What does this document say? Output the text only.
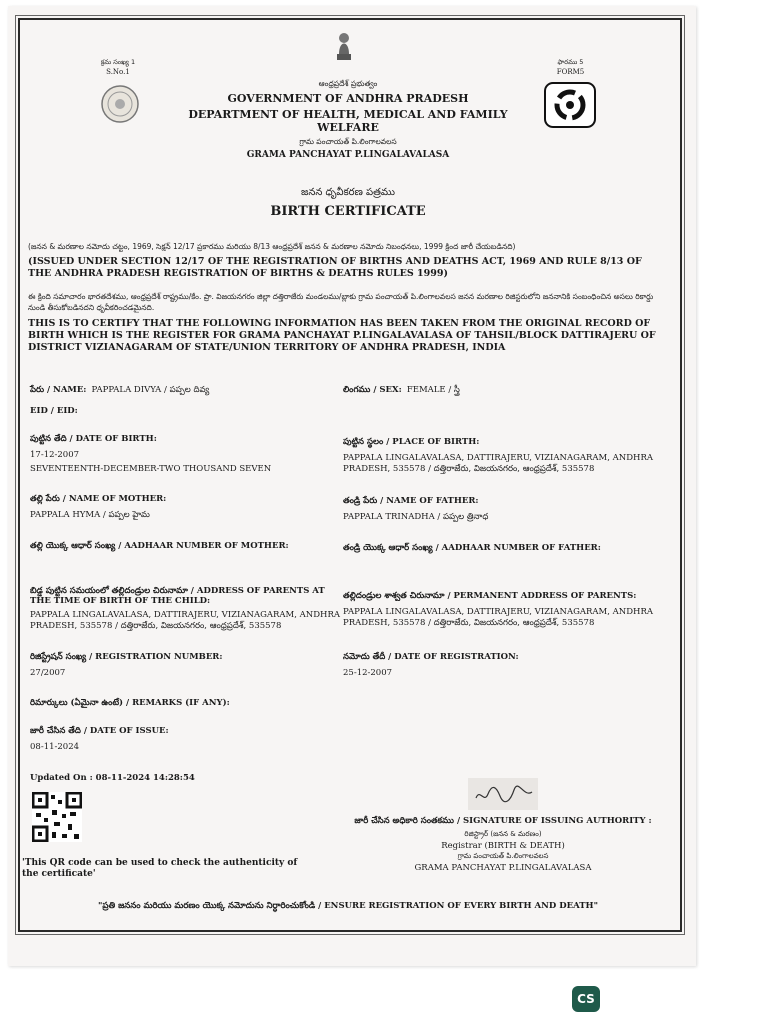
క్రమ సంఖ్య 1
S.No.1
ఫారము 5
FORM5
ఆంధ్రప్రదేశ్ ప్రభుత్వం
GOVERNMENT OF ANDHRA PRADESH
DEPARTMENT OF HEALTH, MEDICAL AND FAMILY WELFARE
గ్రామ పంచాయత్ పి.లింగాలవలస
GRAMA PANCHAYAT P.LINGALAVALASA
జనన ధృవీకరణ పత్రము
BIRTH CERTIFICATE
(జనన & మరణాల నమోదు చట్టం, 1969, సెక్షన్ 12/17 ప్రకారము మరియు 8/13 ఆంధ్రప్రదేశ్ జనన & మరణాల నమోదు నిబంధనలు, 1999 క్రింద జారీ చేయబడినది)
(ISSUED UNDER SECTION 12/17 OF THE REGISTRATION OF BIRTHS AND DEATHS ACT, 1969 AND RULE 8/13 OF THE ANDHRA PRADESH REGISTRATION OF BIRTHS & DEATHS RULES 1999)
ఈ క్రింది సమాచారం భారతదేశము, ఆంధ్రప్రదేశ్ రాష్ట్రము/కేం. ప్రా. విజయనగరం జిల్లా దత్తిరాజేరు మండలము/బ్లాకు గ్రామ పంచాయత్ పి.లింగాలవలస జనన మరణాల రిజిస్టరులోని జననానికి సంబంధించిన అసలు రికార్డు నుండి తీసుకోబడినదని ధృవీకరించడమైనది.
THIS IS TO CERTIFY THAT THE FOLLOWING INFORMATION HAS BEEN TAKEN FROM THE ORIGINAL RECORD OF BIRTH WHICH IS THE REGISTER FOR GRAMA PANCHAYAT P.LINGALAVALASA OF TAHSIL/BLOCK DATTIRAJERU OF DISTRICT VIZIANAGARAM OF STATE/UNION TERRITORY OF ANDHRA PRADESH, INDIA
పేరు / NAME: PAPPALA DIVYA / పప్పల దివ్య	లింగము / SEX: FEMALE / స్త్రీ
EID / EID:
పుట్టిన తేది / DATE OF BIRTH:
17-12-2007
SEVENTEENTH-DECEMBER-TWO THOUSAND SEVEN
పుట్టిన స్థలం / PLACE OF BIRTH:
PAPPALA LINGALAVALASA, DATTIRAJERU, VIZIANAGARAM, ANDHRA PRADESH, 535578 / దత్తిరాజేరు, విజయనగరం, ఆంధ్రప్రదేశ్, 535578
తల్లి పేరు / NAME OF MOTHER:
PAPPALA HYMA / పప్పల హైమ
తండ్రి పేరు / NAME OF FATHER:
PAPPALA TRINADHA / పప్పల త్రినాధ
తల్లి యొక్క ఆధార్ సంఖ్య / AADHAAR NUMBER OF MOTHER:	తండ్రి యొక్క ఆధార్ సంఖ్య / AADHAAR NUMBER OF FATHER:
బిడ్డ పుట్టిన సమయంలో తల్లిదండ్రుల చిరునామా / ADDRESS OF PARENTS AT THE TIME OF BIRTH OF THE CHILD:
PAPPALA LINGALAVALASA, DATTIRAJERU, VIZIANAGARAM, ANDHRA PRADESH, 535578 / దత్తిరాజేరు, విజయనగరం, ఆంధ్రప్రదేశ్, 535578
తల్లిదండ్రుల శాశ్వత చిరునామా / PERMANENT ADDRESS OF PARENTS:
PAPPALA LINGALAVALASA, DATTIRAJERU, VIZIANAGARAM, ANDHRA PRADESH, 535578 / దత్తిరాజేరు, విజయనగరం, ఆంధ్రప్రదేశ్, 535578
రిజిస్ట్రేషన్ సంఖ్య / REGISTRATION NUMBER:
27/2007
నమోదు తేదీ / DATE OF REGISTRATION:
25-12-2007
రిమార్కులు (ఏమైనా ఉంటే) / REMARKS (IF ANY):
జారీ చేసిన తేది / DATE OF ISSUE:
08-11-2024
Updated On : 08-11-2024 14:28:54
'This QR code can be used to check the authenticity of the certificate'
జారీ చేసిన అధికారి సంతకము / SIGNATURE OF ISSUING AUTHORITY :
రిజిస్ట్రార్ (జనన & మరణం)
Registrar (BIRTH & DEATH)
గ్రామ పంచాయత్ పి.లింగాలవలస
GRAMA PANCHAYAT P.LINGALAVALASA
"ప్రతి జననం మరియు మరణం యొక్క నమోదును నిర్ధారించుకోండి / ENSURE REGISTRATION OF EVERY BIRTH AND DEATH"
CS
